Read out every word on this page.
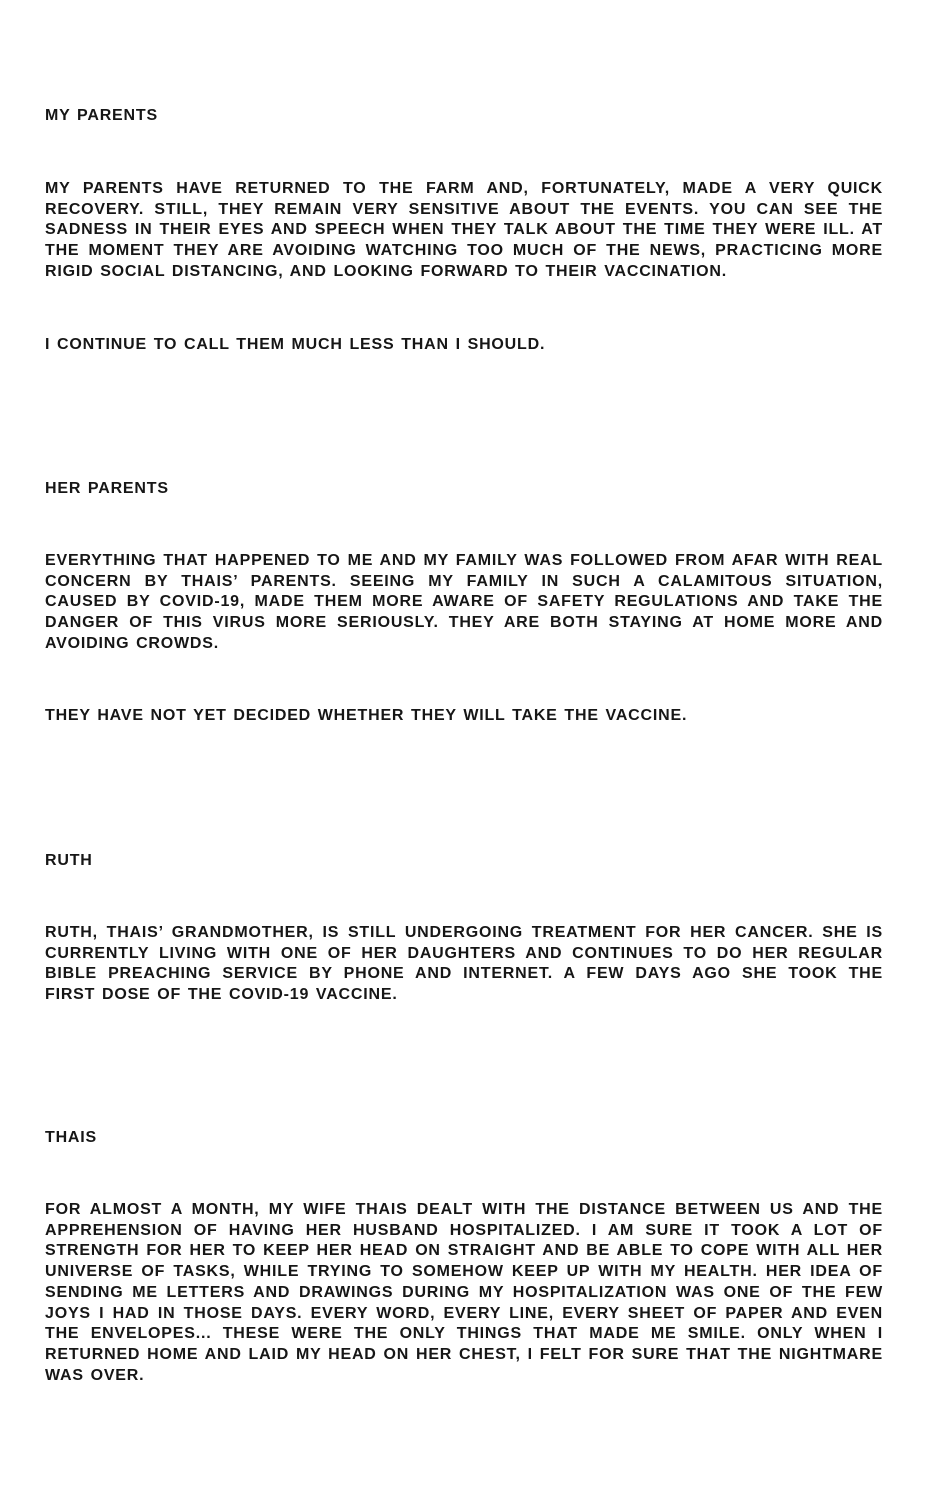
MY PARENTS
MY PARENTS HAVE RETURNED TO THE FARM AND, FORTUNATELY, MADE A VERY QUICK RECOVERY. STILL, THEY REMAIN VERY SENSITIVE ABOUT THE EVENTS. YOU CAN SEE THE SADNESS IN THEIR EYES AND SPEECH WHEN THEY TALK ABOUT THE TIME THEY WERE ILL. AT THE MOMENT THEY ARE AVOIDING WATCHING TOO MUCH OF THE NEWS, PRACTICING MORE RIGID SOCIAL DISTANCING, AND LOOKING FORWARD TO THEIR VACCINATION.
I CONTINUE TO CALL THEM MUCH LESS THAN I SHOULD.
HER PARENTS
EVERYTHING THAT HAPPENED TO ME AND MY FAMILY WAS FOLLOWED FROM AFAR WITH REAL CONCERN BY THAIS’ PARENTS. SEEING MY FAMILY IN SUCH A CALAMITOUS SITUATION, CAUSED BY COVID-19, MADE THEM MORE AWARE OF SAFETY REGULATIONS AND TAKE THE DANGER OF THIS VIRUS MORE SERIOUSLY. THEY ARE BOTH STAYING AT HOME MORE AND AVOIDING CROWDS.
THEY HAVE NOT YET DECIDED WHETHER THEY WILL TAKE THE VACCINE.
RUTH
RUTH, THAIS’ GRANDMOTHER, IS STILL UNDERGOING TREATMENT FOR HER CANCER. SHE IS CURRENTLY LIVING WITH ONE OF HER DAUGHTERS AND CONTINUES TO DO HER REGULAR BIBLE PREACHING SERVICE BY PHONE AND INTERNET. A FEW DAYS AGO SHE TOOK THE FIRST DOSE OF THE COVID-19 VACCINE.
THAIS
FOR ALMOST A MONTH, MY WIFE THAIS DEALT WITH THE DISTANCE BETWEEN US AND THE APPREHENSION OF HAVING HER HUSBAND HOSPITALIZED. I AM SURE IT TOOK A LOT OF STRENGTH FOR HER TO KEEP HER HEAD ON STRAIGHT AND BE ABLE TO COPE WITH ALL HER UNIVERSE OF TASKS, WHILE TRYING TO SOMEHOW KEEP UP WITH MY HEALTH. HER IDEA OF SENDING ME LETTERS AND DRAWINGS DURING MY HOSPITALIZATION WAS ONE OF THE FEW JOYS I HAD IN THOSE DAYS. EVERY WORD, EVERY LINE, EVERY SHEET OF PAPER AND EVEN THE ENVELOPES... THESE WERE THE ONLY THINGS THAT MADE ME SMILE. ONLY WHEN I RETURNED HOME AND LAID MY HEAD ON HER CHEST, I FELT FOR SURE THAT THE NIGHTMARE WAS OVER.
